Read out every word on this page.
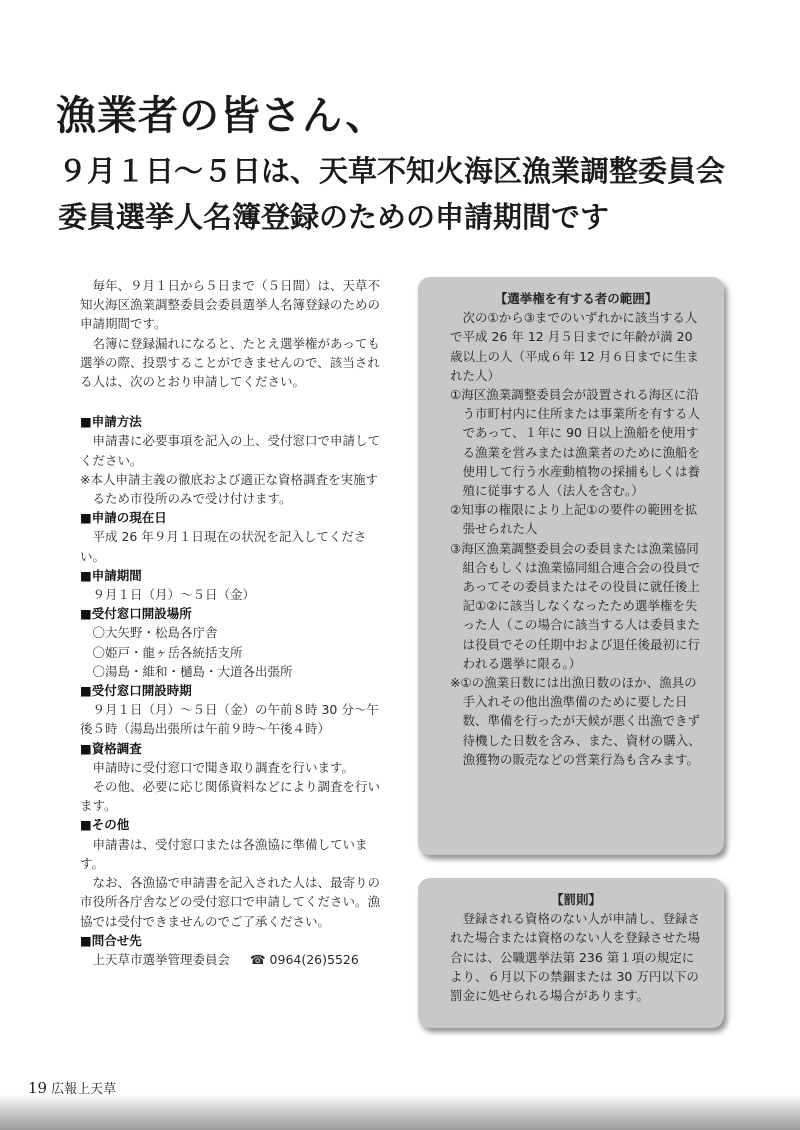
漁業者の皆さん、
９月１日～５日は、天草不知火海区漁業調整委員会
委員選挙人名簿登録のための申請期間です

毎年、９月１日から５日まで（５日間）は、天草不知火海区漁業調整委員会委員選挙人名簿登録のための申請期間です。

名簿に登録漏れになると、たとえ選挙権があっても選挙の際、投票することができませんので、該当される人は、次のとおり申請してください。

■申請方法

申請書に必要事項を記入の上、受付窓口で申請してください。

※本人申請主義の徹底および適正な資格調査を実施するため市役所のみで受け付けます。
■申請の現在日

平成 26 年９月１日現在の状況を記入してください。

■申請期間
９月１日（月）～５日（金）
■受付窓口開設場所
〇大矢野・松島各庁舎
〇姫戸・龍ヶ岳各統括支所
〇湯島・維和・樋島・大道各出張所
■受付窓口開設時期

９月１日（月）～５日（金）の午前８時 30 分～午後５時（湯島出張所は午前９時～午後４時）

■資格調査

申請時に受付窓口で聞き取り調査を行います。

その他、必要に応じ関係資料などにより調査を行います。

■その他

申請書は、受付窓口または各漁協に準備しています。

なお、各漁協で申請書を記入された人は、最寄りの市役所各庁舎などの受付窓口で申請してください。漁協では受付できませんのでご了承ください。

■問合せ先
上天草市選挙管理委員会 ☎ 0964(26)5526
【選挙権を有する者の範囲】

次の①から③までのいずれかに該当する人で平成 26 年 12 月５日までに年齢が満 20 歳以上の人（平成６年 12 月６日までに生まれた人）

①海区漁業調整委員会が設置される海区に沿う市町村内に住所または事業所を有する人であって、１年に 90 日以上漁船を使用する漁業を営みまたは漁業者のために漁船を使用して行う水産動植物の採捕もしくは養殖に従事する人（法人を含む。）

②知事の権限により上記①の要件の範囲を拡張せられた人

③海区漁業調整委員会の委員または漁業協同組合もしくは漁業協同組合連合会の役員であってその委員またはその役員に就任後上記①②に該当しなくなったため選挙権を失った人（この場合に該当する人は委員または役員でその任期中および退任後最初に行われる選挙に限る。）

※①の漁業日数には出漁日数のほか、漁具の手入れその他出漁準備のために要した日数、準備を行ったが天候が悪く出漁できず待機した日数を含み、また、資材の購入、漁獲物の販売などの営業行為も含みます。

【罰則】

登録される資格のない人が申請し、登録された場合または資格のない人を登録させた場合には、公職選挙法第 236 第１項の規定により、６月以下の禁錮または 30 万円以下の罰金に処せられる場合があります。

19 広報上天草
